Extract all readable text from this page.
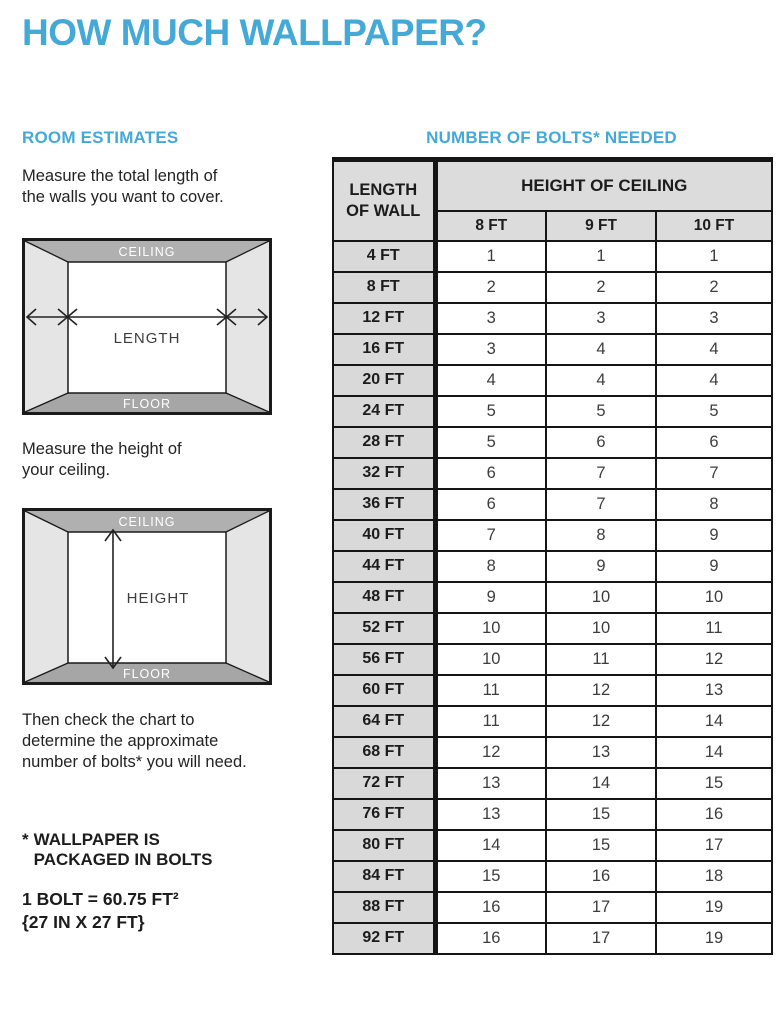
HOW MUCH WALLPAPER?
ROOM ESTIMATES
Measure the total length of
the walls you want to cover.
CEILING
LENGTH
FLOOR
Measure the height of
your ceiling.
CEILING
HEIGHT
FLOOR
Then check the chart to
determine the approximate
number of bolts* you will need.
* WALLPAPER IS
PACKAGED IN BOLTS
1 BOLT = 60.75 FT²
{27 IN X 27 FT}
NUMBER OF BOLTS* NEEDED
LENGTH
OF WALL	HEIGHT OF CEILING		
	8 FT	9 FT	10 FT
4 FT	1	1	1
8 FT	2	2	2
12 FT	3	3	3
16 FT	3	4	4
20 FT	4	4	4
24 FT	5	5	5
28 FT	5	6	6
32 FT	6	7	7
36 FT	6	7	8
40 FT	7	8	9
44 FT	8	9	9
48 FT	9	10	10
52 FT	10	10	11
56 FT	10	11	12
60 FT	11	12	13
64 FT	11	12	14
68 FT	12	13	14
72 FT	13	14	15
76 FT	13	15	16
80 FT	14	15	17
84 FT	15	16	18
88 FT	16	17	19
92 FT	16	17	19
